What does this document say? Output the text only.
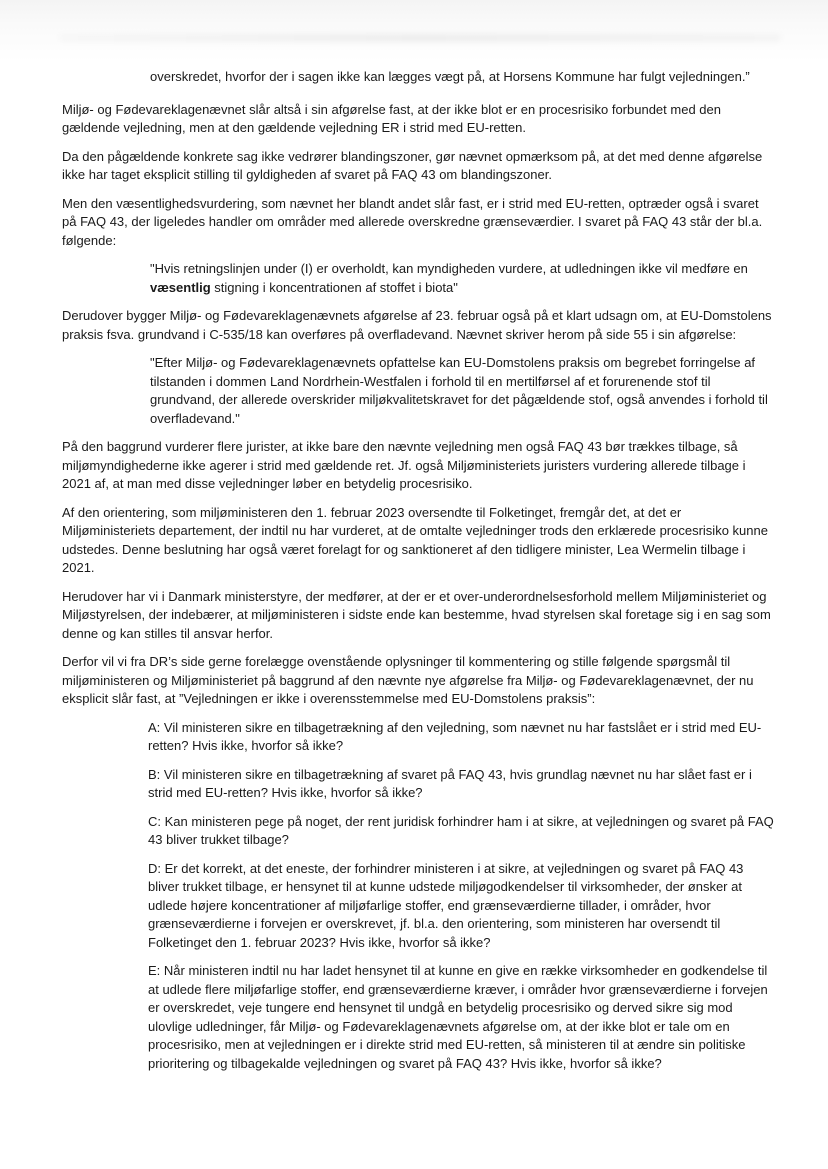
overskredet, hvorfor der i sagen ikke kan lægges vægt på, at Horsens Kommune har fulgt vejledningen.”

Miljø- og Fødevareklagenævnet slår altså i sin afgørelse fast, at der ikke blot er en procesrisiko forbundet med den gældende vejledning, men at den gældende vejledning ER i strid med EU-retten.

Da den pågældende konkrete sag ikke vedrører blandingszoner, gør nævnet opmærksom på, at det med denne afgørelse ikke har taget eksplicit stilling til gyldigheden af svaret på FAQ 43 om blandingszoner.

Men den væsentlighedsvurdering, som nævnet her blandt andet slår fast, er i strid med EU-retten, optræder også i svaret på FAQ 43, der ligeledes handler om områder med allerede overskredne grænseværdier. I svaret på FAQ 43 står der bl.a. følgende:

"Hvis retningslinjen under (I) er overholdt, kan myndigheden vurdere, at udledningen ikke vil medføre en væsentlig stigning i koncentrationen af stoffet i biota"

Derudover bygger Miljø- og Fødevareklagenævnets afgørelse af 23. februar også på et klart udsagn om, at EU-Domstolens praksis fsva. grundvand i C-535/18 kan overføres på overfladevand. Nævnet skriver herom på side 55 i sin afgørelse:

"Efter Miljø- og Fødevareklagenævnets opfattelse kan EU-Domstolens praksis om begrebet forringelse af tilstanden i dommen Land Nordrhein-Westfalen i forhold til en mertilførsel af et forurenende stof til grundvand, der allerede overskrider miljøkvalitetskravet for det pågældende stof, også anvendes i forhold til overfladevand."

På den baggrund vurderer flere jurister, at ikke bare den nævnte vejledning men også FAQ 43 bør trækkes tilbage, så miljømyndighederne ikke agerer i strid med gældende ret. Jf. også Miljøministeriets juristers vurdering allerede tilbage i 2021 af, at man med disse vejledninger løber en betydelig procesrisiko.

Af den orientering, som miljøministeren den 1. februar 2023 oversendte til Folketinget, fremgår det, at det er Miljøministeriets departement, der indtil nu har vurderet, at de omtalte vejledninger trods den erklærede procesrisiko kunne udstedes. Denne beslutning har også været forelagt for og sanktioneret af den tidligere minister, Lea Wermelin tilbage i 2021.

Herudover har vi i Danmark ministerstyre, der medfører, at der er et over-underordnelsesforhold mellem Miljøministeriet og Miljøstyrelsen, der indebærer, at miljøministeren i sidste ende kan bestemme, hvad styrelsen skal foretage sig i en sag som denne og kan stilles til ansvar herfor.

Derfor vil vi fra DR’s side gerne forelægge ovenstående oplysninger til kommentering og stille følgende spørgsmål til miljøministeren og Miljøministeriet på baggrund af den nævnte nye afgørelse fra Miljø- og Fødevareklagenævnet, der nu eksplicit slår fast, at ”Vejledningen er ikke i overensstemmelse med EU-Domstolens praksis”:

A: Vil ministeren sikre en tilbagetrækning af den vejledning, som nævnet nu har fastslået er i strid med EU-retten? Hvis ikke, hvorfor så ikke?

B: Vil ministeren sikre en tilbagetrækning af svaret på FAQ 43, hvis grundlag nævnet nu har slået fast er i strid med EU-retten? Hvis ikke, hvorfor så ikke?

C: Kan ministeren pege på noget, der rent juridisk forhindrer ham i at sikre, at vejledningen og svaret på FAQ 43 bliver trukket tilbage?

D: Er det korrekt, at det eneste, der forhindrer ministeren i at sikre, at vejledningen og svaret på FAQ 43 bliver trukket tilbage, er hensynet til at kunne udstede miljøgodkendelser til virksomheder, der ønsker at udlede højere koncentrationer af miljøfarlige stoffer, end grænseværdierne tillader, i områder, hvor grænseværdierne i forvejen er overskrevet, jf. bl.a. den orientering, som ministeren har oversendt til Folketinget den 1. februar 2023? Hvis ikke, hvorfor så ikke?

E: Når ministeren indtil nu har ladet hensynet til at kunne en give en række virksomheder en godkendelse til at udlede flere miljøfarlige stoffer, end grænseværdierne kræver, i områder hvor grænseværdierne i forvejen er overskredet, veje tungere end hensynet til undgå en betydelig procesrisiko og derved sikre sig mod ulovlige udledninger, får Miljø- og Fødevareklagenævnets afgørelse om, at der ikke blot er tale om en procesrisiko, men at vejledningen er i direkte strid med EU-retten, så ministeren til at ændre sin politiske prioritering og tilbagekalde vejledningen og svaret på FAQ 43? Hvis ikke, hvorfor så ikke?
